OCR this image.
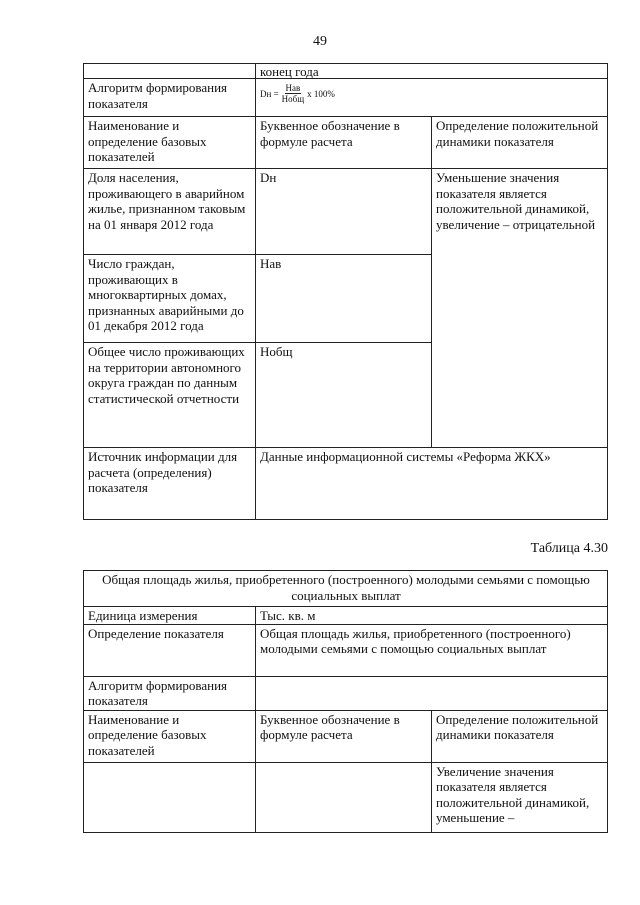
49
	конец года	
Алгоритм формирования показателя	Dн = $\frac{\text{Нав}}{\text{Нобщ}}$ x 100%	

Наименование и определение базовых показателей	Буквенное обозначение в формуле расчета	Определение положительной динамики показателя
Доля населения, проживающего в аварийном жилье, признанном таковым на 01 января 2012 года	Dн	Уменьшение значения показателя является положительной динамикой, увеличение – отрицательной
Число граждан, проживающих в многоквартирных домах, признанных аварийными до 01 декабря 2012 года	Нав	
Общее число проживающих на территории автономного округа граждан по данным статистической отчетности	Нобщ	
Источник информации для расчета (определения) показателя	Данные информационной системы «Реформа ЖКХ»	
Таблица 4.30
Общая площадь жилья, приобретенного (построенного) молодыми семьями с помощью социальных выплат		
Единица измерения	Тыс. кв. м	
Определение показателя	Общая площадь жилья, приобретенного (построенного) молодыми семьями с помощью социальных выплат	
Алгоритм формирования показателя		
Наименование и определение базовых показателей	Буквенное обозначение в формуле расчета	Определение положительной динамики показателя
		Увеличение значения показателя является положительной динамикой, уменьшение –
